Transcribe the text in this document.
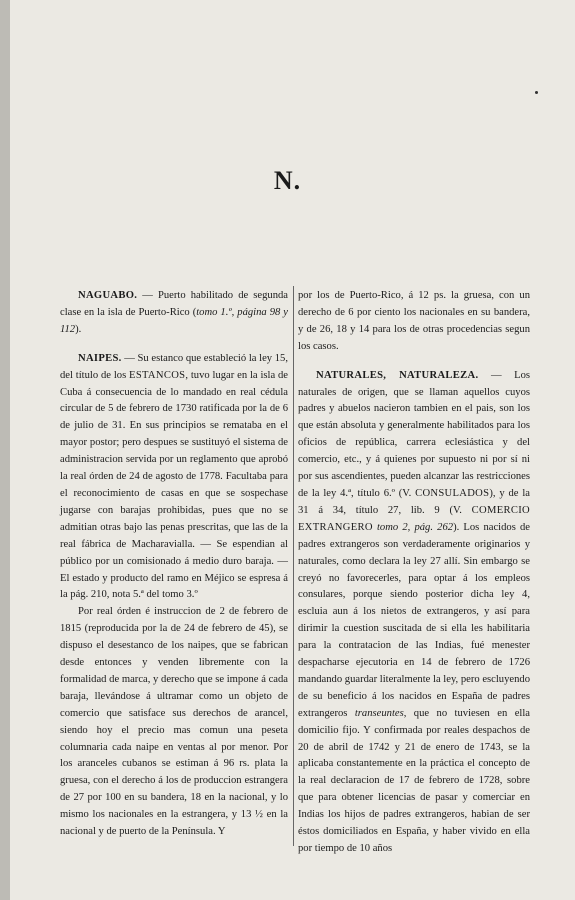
N.

NAGUABO. — Puerto habilitado de segunda clase en la isla de Puerto-Rico (tomo 1.º, página 98 y 112).

NAIPES. — Su estanco que estableció la ley 15, del título de los ESTANCOS, tuvo lugar en la isla de Cuba á consecuencia de lo mandado en real cédula circular de 5 de febrero de 1730 ratificada por la de 6 de julio de 31. En sus principios se remataba en el mayor postor; pero despues se sustituyó el sistema de administracion servida por un reglamento que aprobó la real órden de 24 de agosto de 1778. Facultaba para el reconocimiento de casas en que se sospechase jugarse con barajas prohibidas, pues que no se admitian otras bajo las penas prescritas, que las de la real fábrica de Macharavialla. — Se espendian al público por un comisionado á medio duro baraja. — El estado y producto del ramo en Méjico se espresa á la pág. 210, nota 5.ª del tomo 3.º

Por real órden é instruccion de 2 de febrero de 1815 (reproducida por la de 24 de febrero de 45), se dispuso el desestanco de los naipes, que se fabrican desde entonces y venden libremente con la formalidad de marca, y derecho que se impone á cada baraja, llevándose á ultramar como un objeto de comercio que satisface sus derechos de arancel, siendo hoy el precio mas comun una peseta columnaria cada naipe en ventas al por menor. Por los aranceles cubanos se estiman á 96 rs. plata la gruesa, con el derecho á los de produccion estrangera de 27 por 100 en su bandera, 18 en la nacional, y lo mismo los nacionales en la estrangera, y 13 ½ en la nacional y de puerto de la Península. Y

por los de Puerto-Rico, á 12 ps. la gruesa, con un derecho de 6 por ciento los nacionales en su bandera, y de 26, 18 y 14 para los de otras procedencias segun los casos.

NATURALES, NATURALEZA. — Los naturales de origen, que se llaman aquellos cuyos padres y abuelos nacieron tambien en el pais, son los que están absoluta y generalmente habilitados para los oficios de república, carrera eclesiástica y del comercio, etc., y á quienes por supuesto ni por sí ni por sus ascendientes, pueden alcanzar las restricciones de la ley 4.ª, título 6.º (V. CONSULADOS), y de la 31 á 34, título 27, lib. 9 (V. COMERCIO EXTRANGERO tomo 2, pág. 262). Los nacidos de padres extrangeros son verdaderamente originarios y naturales, como declara la ley 27 allí. Sin embargo se creyó no favorecerles, para optar á los empleos consulares, porque siendo posterior dicha ley 4, escluia aun á los nietos de extrangeros, y así para dirimir la cuestion suscitada de si ella les habilitaria para la contratacion de las Indias, fué menester despacharse ejecutoria en 14 de febrero de 1726 mandando guardar literalmente la ley, pero escluyendo de su beneficio á los nacidos en España de padres extrangeros transeuntes, que no tuviesen en ella domicilio fijo. Y confirmada por reales despachos de 20 de abril de 1742 y 21 de enero de 1743, se la aplicaba constantemente en la práctica el concepto de la real declaracion de 17 de febrero de 1728, sobre que para obtener licencias de pasar y comerciar en Indias los hijos de padres extrangeros, habian de ser éstos domiciliados en España, y haber vivido en ella por tiempo de 10 años
